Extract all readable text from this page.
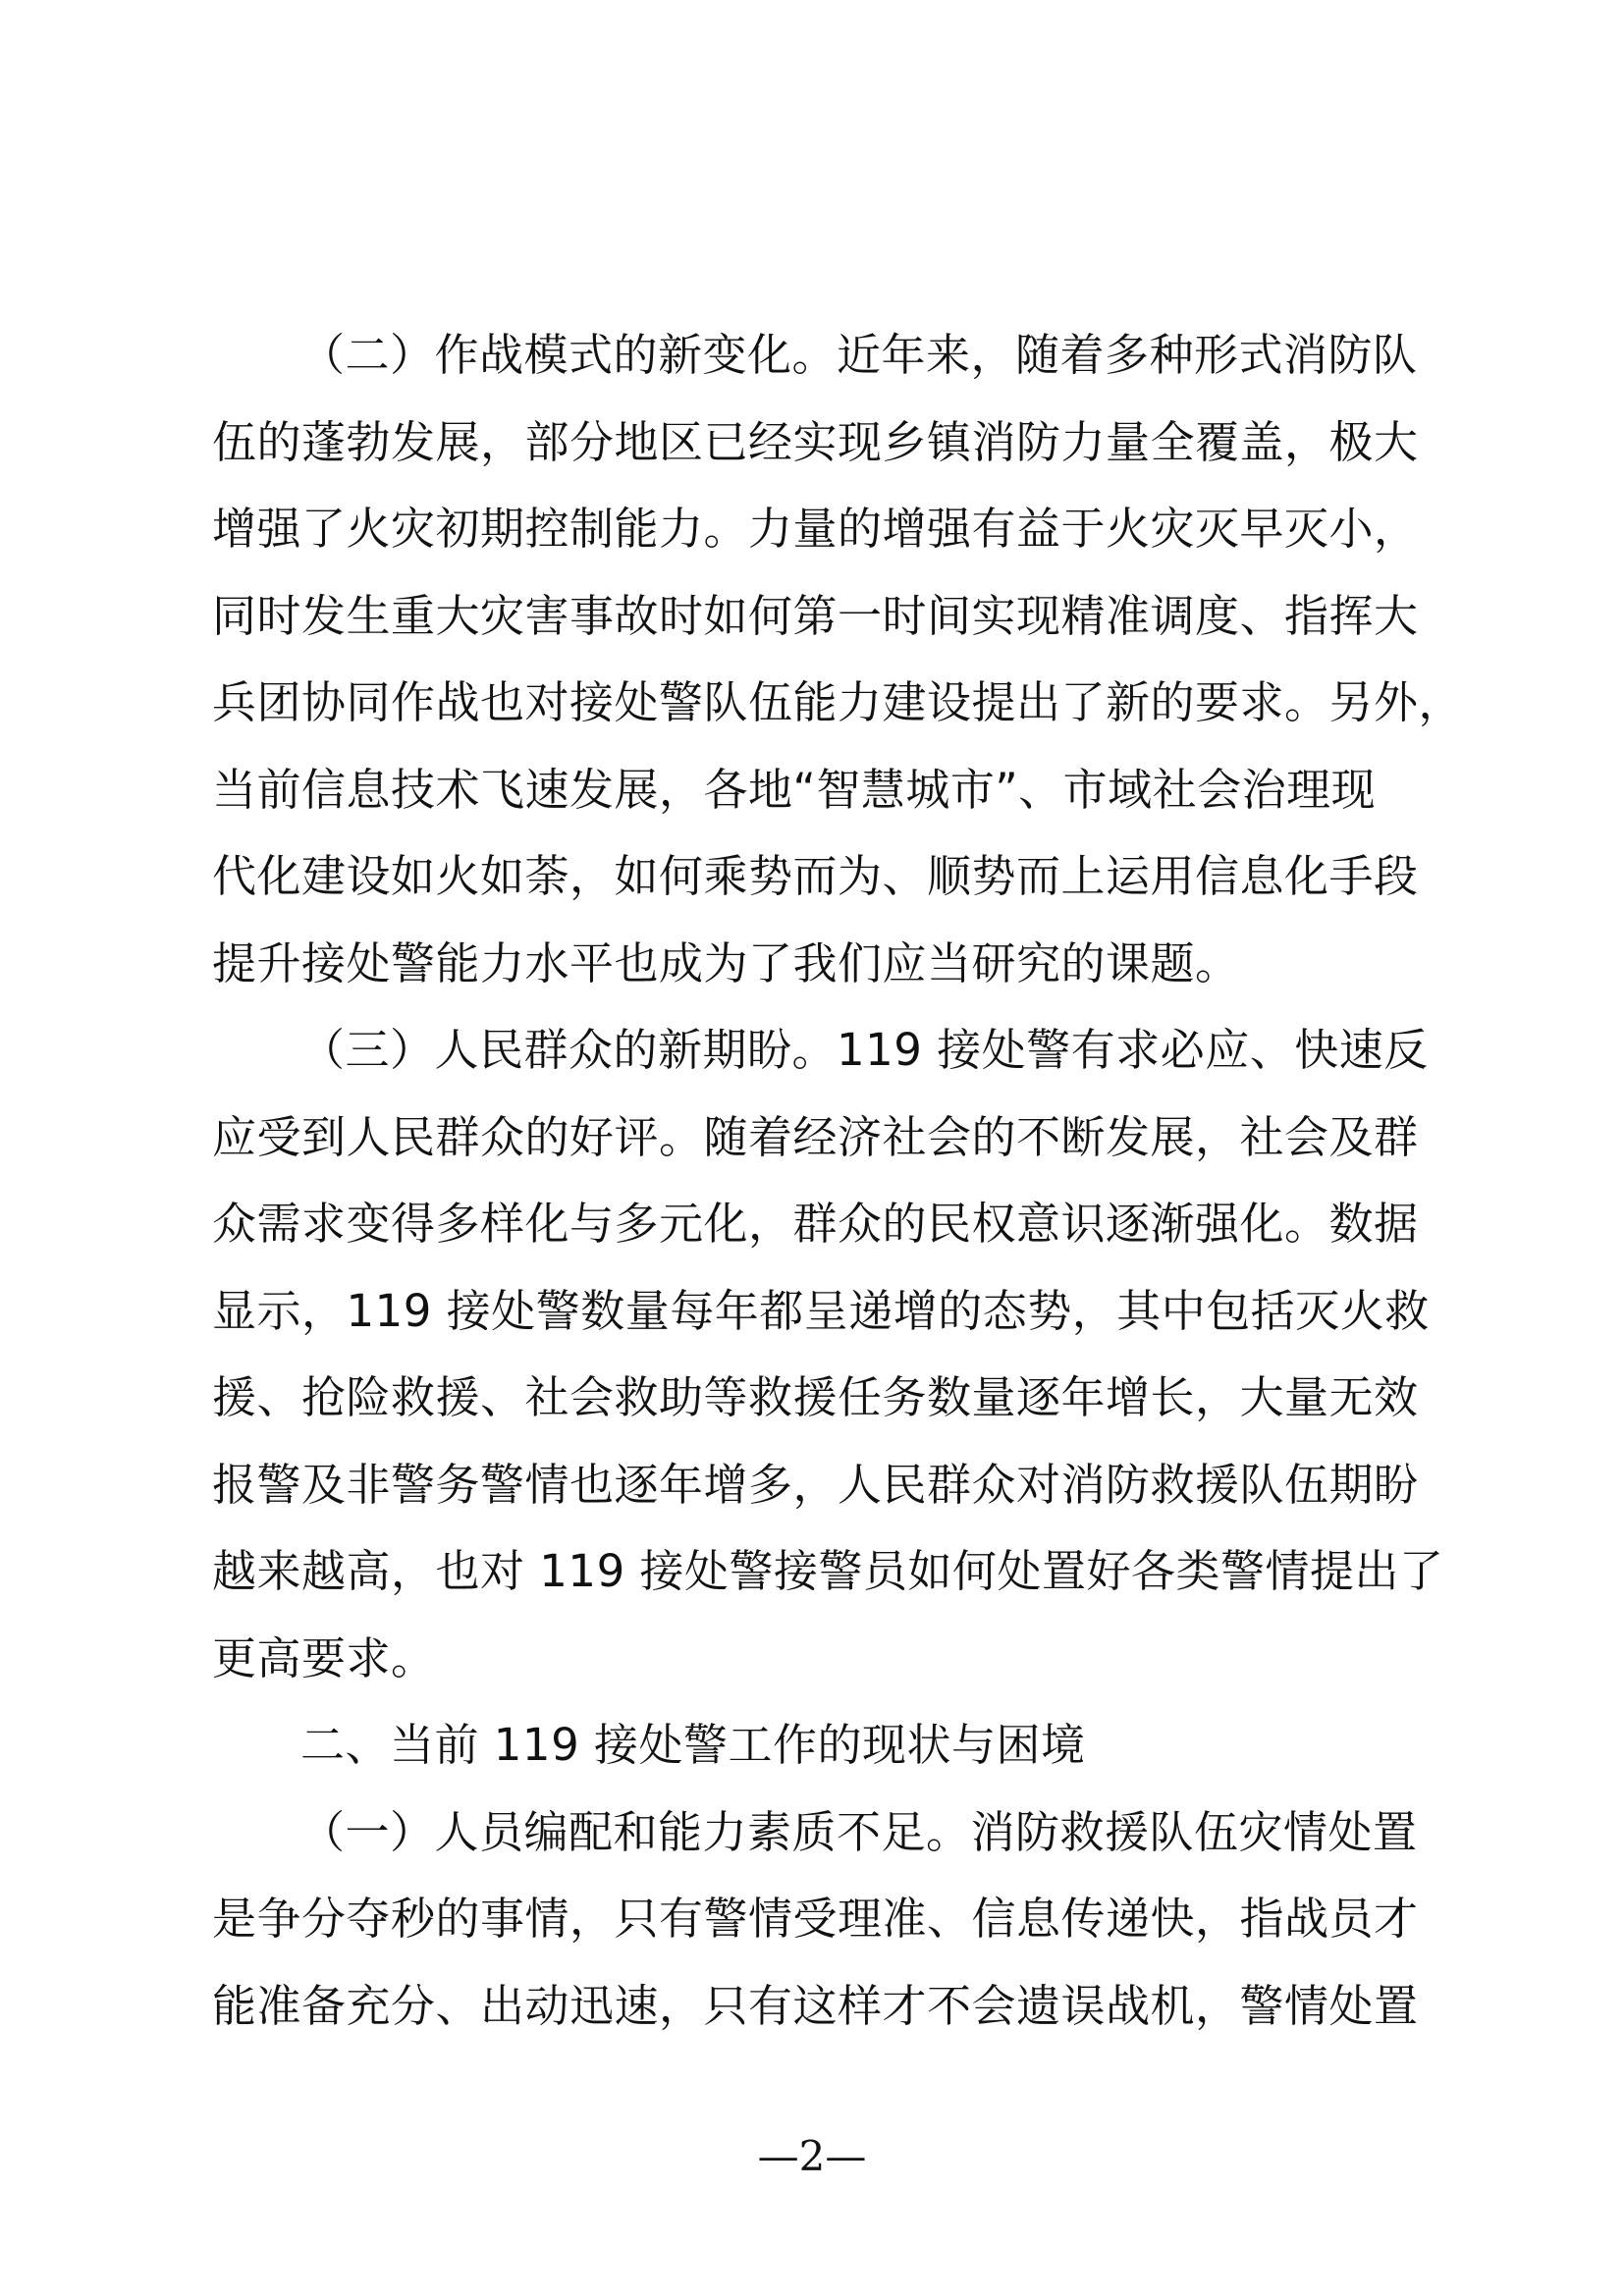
（二）作战模式的新变化。近年来，随着多种形式消防队
伍的蓬勃发展，部分地区已经实现乡镇消防力量全覆盖，极大
增强了火灾初期控制能力。力量的增强有益于火灾灭早灭小，
同时发生重大灾害事故时如何第一时间实现精准调度、指挥大
兵团协同作战也对接处警队伍能力建设提出了新的要求。另外，
当前信息技术飞速发展，各地“智慧城市”、市域社会治理现
代化建设如火如荼，如何乘势而为、顺势而上运用信息化手段
提升接处警能力水平也成为了我们应当研究的课题。
（三）人民群众的新期盼。119 接处警有求必应、快速反
应受到人民群众的好评。随着经济社会的不断发展，社会及群
众需求变得多样化与多元化，群众的民权意识逐渐强化。数据
显示，119 接处警数量每年都呈递增的态势，其中包括灭火救
援、抢险救援、社会救助等救援任务数量逐年增长，大量无效
报警及非警务警情也逐年增多，人民群众对消防救援队伍期盼
越来越高，也对 119 接处警接警员如何处置好各类警情提出了
更高要求。
二、当前 119 接处警工作的现状与困境
（一）人员编配和能力素质不足。消防救援队伍灾情处置
是争分夺秒的事情，只有警情受理准、信息传递快，指战员才
能准备充分、出动迅速，只有这样才不会遗误战机，警情处置
—2—
